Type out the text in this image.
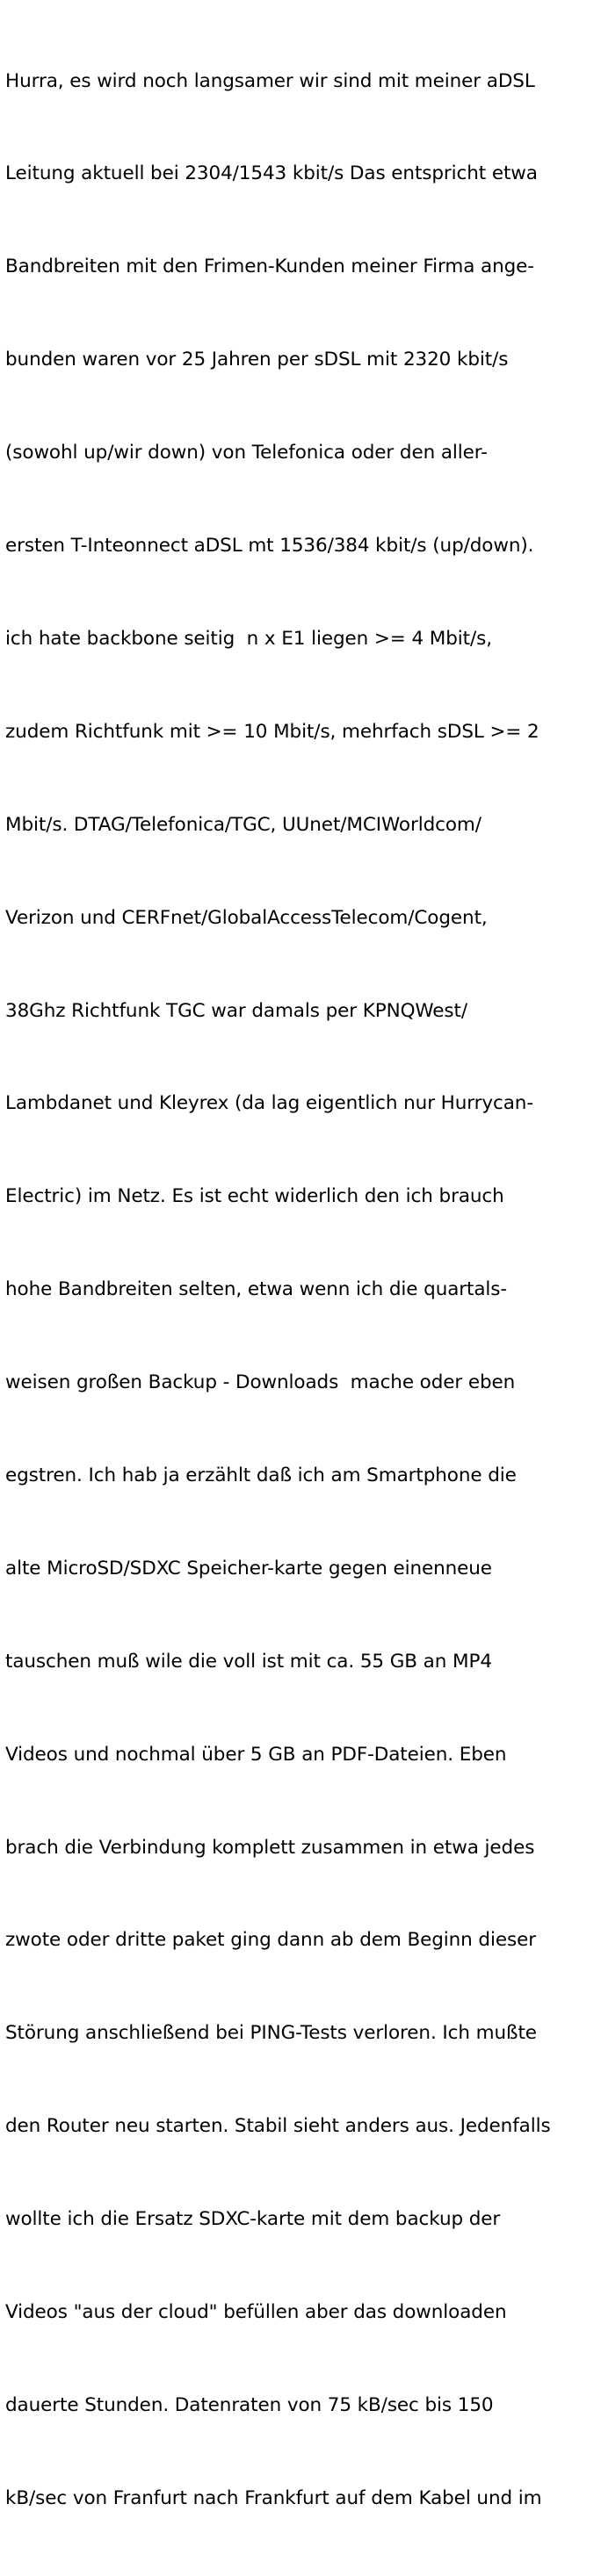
Hurra, es wird noch langsamer wir sind mit meiner aDSL

Leitung aktuell bei 2304/1543 kbit/s Das entspricht etwa

Bandbreiten mit den Frimen-Kunden meiner Firma ange-

bunden waren vor 25 Jahren per sDSL mit 2320 kbit/s

(sowohl up/wir down) von Telefonica oder den aller-

ersten T-Inteonnect aDSL mt 1536/384 kbit/s (up/down).

ich hate backbone seitig  n x E1 liegen >= 4 Mbit/s,

zudem Richtfunk mit >= 10 Mbit/s, mehrfach sDSL >= 2

Mbit/s. DTAG/Telefonica/TGC, UUnet/MCIWorldcom/

Verizon und CERFnet/GlobalAccessTelecom/Cogent,

38Ghz Richtfunk TGC war damals per KPNQWest/

Lambdanet und Kleyrex (da lag eigentlich nur Hurrycan-

Electric) im Netz. Es ist echt widerlich den ich brauch

hohe Bandbreiten selten, etwa wenn ich die quartals-

weisen großen Backup - Downloads  mache oder eben

egstren. Ich hab ja erzählt daß ich am Smartphone die

alte MicroSD/SDXC Speicher-karte gegen einenneue

tauschen muß wile die voll ist mit ca. 55 GB an MP4

Videos und nochmal über 5 GB an PDF-Dateien. Eben

brach die Verbindung komplett zusammen in etwa jedes

zwote oder dritte paket ging dann ab dem Beginn dieser

Störung anschließend bei PING-Tests verloren. Ich mußte

den Router neu starten. Stabil sieht anders aus. Jedenfalls

wollte ich die Ersatz SDXC-karte mit dem backup der

Videos "aus der cloud" befüllen aber das downloaden

dauerte Stunden. Datenraten von 75 kB/sec bis 150

kB/sec von Franfurt nach Frankfurt auf dem Kabel und im
